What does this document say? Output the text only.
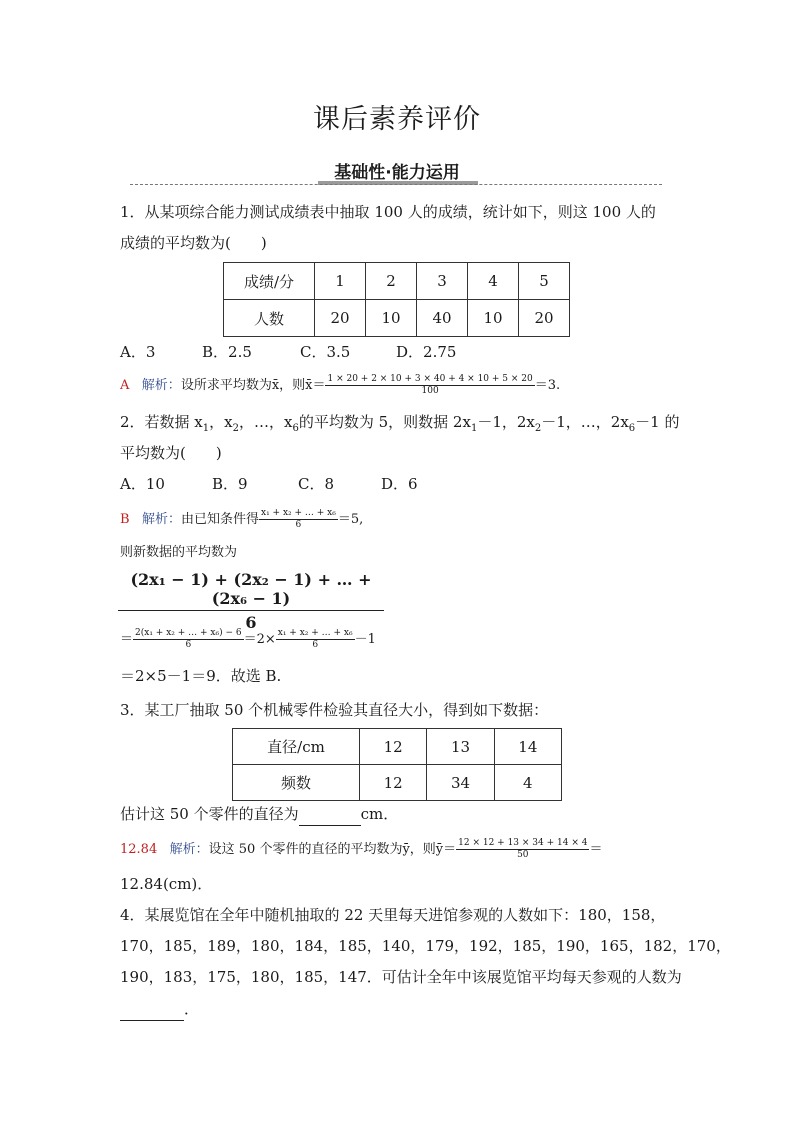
课后素养评价
基础性·能力运用
1．从某项综合能力测试成绩表中抽取 100 人的成绩，统计如下，则这 100 人的
成绩的平均数为(　　)
成绩/分	1	2	3	4	5
人数	20	10	40	10	20
A．3	B．2.5	C．3.5	D．2.75
A 解析：设所求平均数为x̄，则x̄＝ $\frac{1 \times 20 + 2 \times 10 + 3 \times 40 + 4 \times 10 + 5 \times 20}{100} =3$.
2．若数据 $x_1$，$x_2$，…，$x_6$的平均数为 5，则数据 $2x_1-1$，$2x_2-1$，…，$2x_6-1$ 的
平均数为(　　)
A．10	B．9	C．8	D．6
B 解析：由已知条件得 $\frac{\text{x₁ + x₂ + … + x₆}}{6} =5$,
则新数据的平均数为
$\frac{\text{(2x₁ − 1) + (2x₂ − 1) + … + (2x₆ − 1)}}{6}$
＝ $\frac{\text{2(x₁ + x₂ + … + x₆) − 6}}{6} =2\times \frac{\text{x₁ + x₂ + … + x₆}}{6} -1$
＝2×5－1＝9．故选 B.
3．某工厂抽取 50 个机械零件检验其直径大小，得到如下数据：
直径/cm	12	13	14
频数	12	34	4
估计这 50 个零件的直径为	cm．
12.84 解析：设这 50 个零件的直径的平均数为ȳ，则ȳ＝ $\frac{12 \times 12 + 13 \times 34 + 14 \times 4}{50}$ ＝
12.84(cm)．
4．某展览馆在全年中随机抽取的 22 天里每天进馆参观的人数如下：180，158，
170，185，189，180，184，185，140，179，192，185，190，165，182，170，
190，183，175，180，185，147．可估计全年中该展览馆平均每天参观的人数为
．
